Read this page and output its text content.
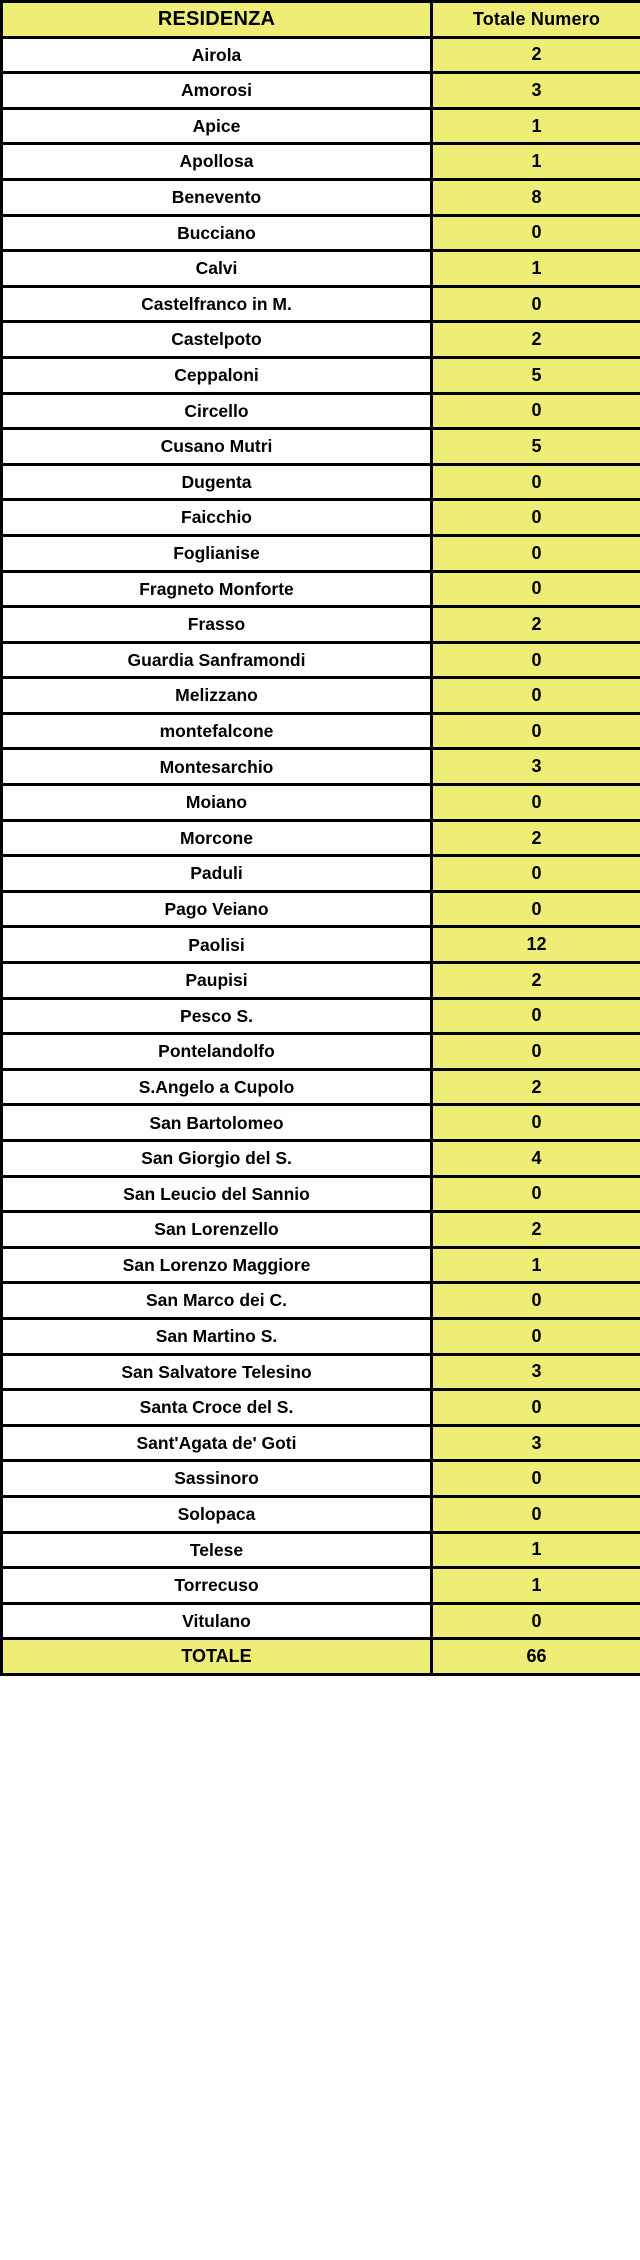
RESIDENZA	Totale Numero
Airola	2
Amorosi	3
Apice	1
Apollosa	1
Benevento	8
Bucciano	0
Calvi	1
Castelfranco in M.	0
Castelpoto	2
Ceppaloni	5
Circello	0
Cusano Mutri	5
Dugenta	0
Faicchio	0
Foglianise	0
Fragneto Monforte	0
Frasso	2
Guardia Sanframondi	0
Melizzano	0
montefalcone	0
Montesarchio	3
Moiano	0
Morcone	2
Paduli	0
Pago Veiano	0
Paolisi	12
Paupisi	2
Pesco S.	0
Pontelandolfo	0
S.Angelo a Cupolo	2
San Bartolomeo	0
San Giorgio del S.	4
San Leucio del Sannio	0
San Lorenzello	2
San Lorenzo Maggiore	1
San Marco dei C.	0
San Martino S.	0
San Salvatore Telesino	3
Santa Croce del S.	0
Sant'Agata de' Goti	3
Sassinoro	0
Solopaca	0
Telese	1
Torrecuso	1
Vitulano	0
TOTALE	66
